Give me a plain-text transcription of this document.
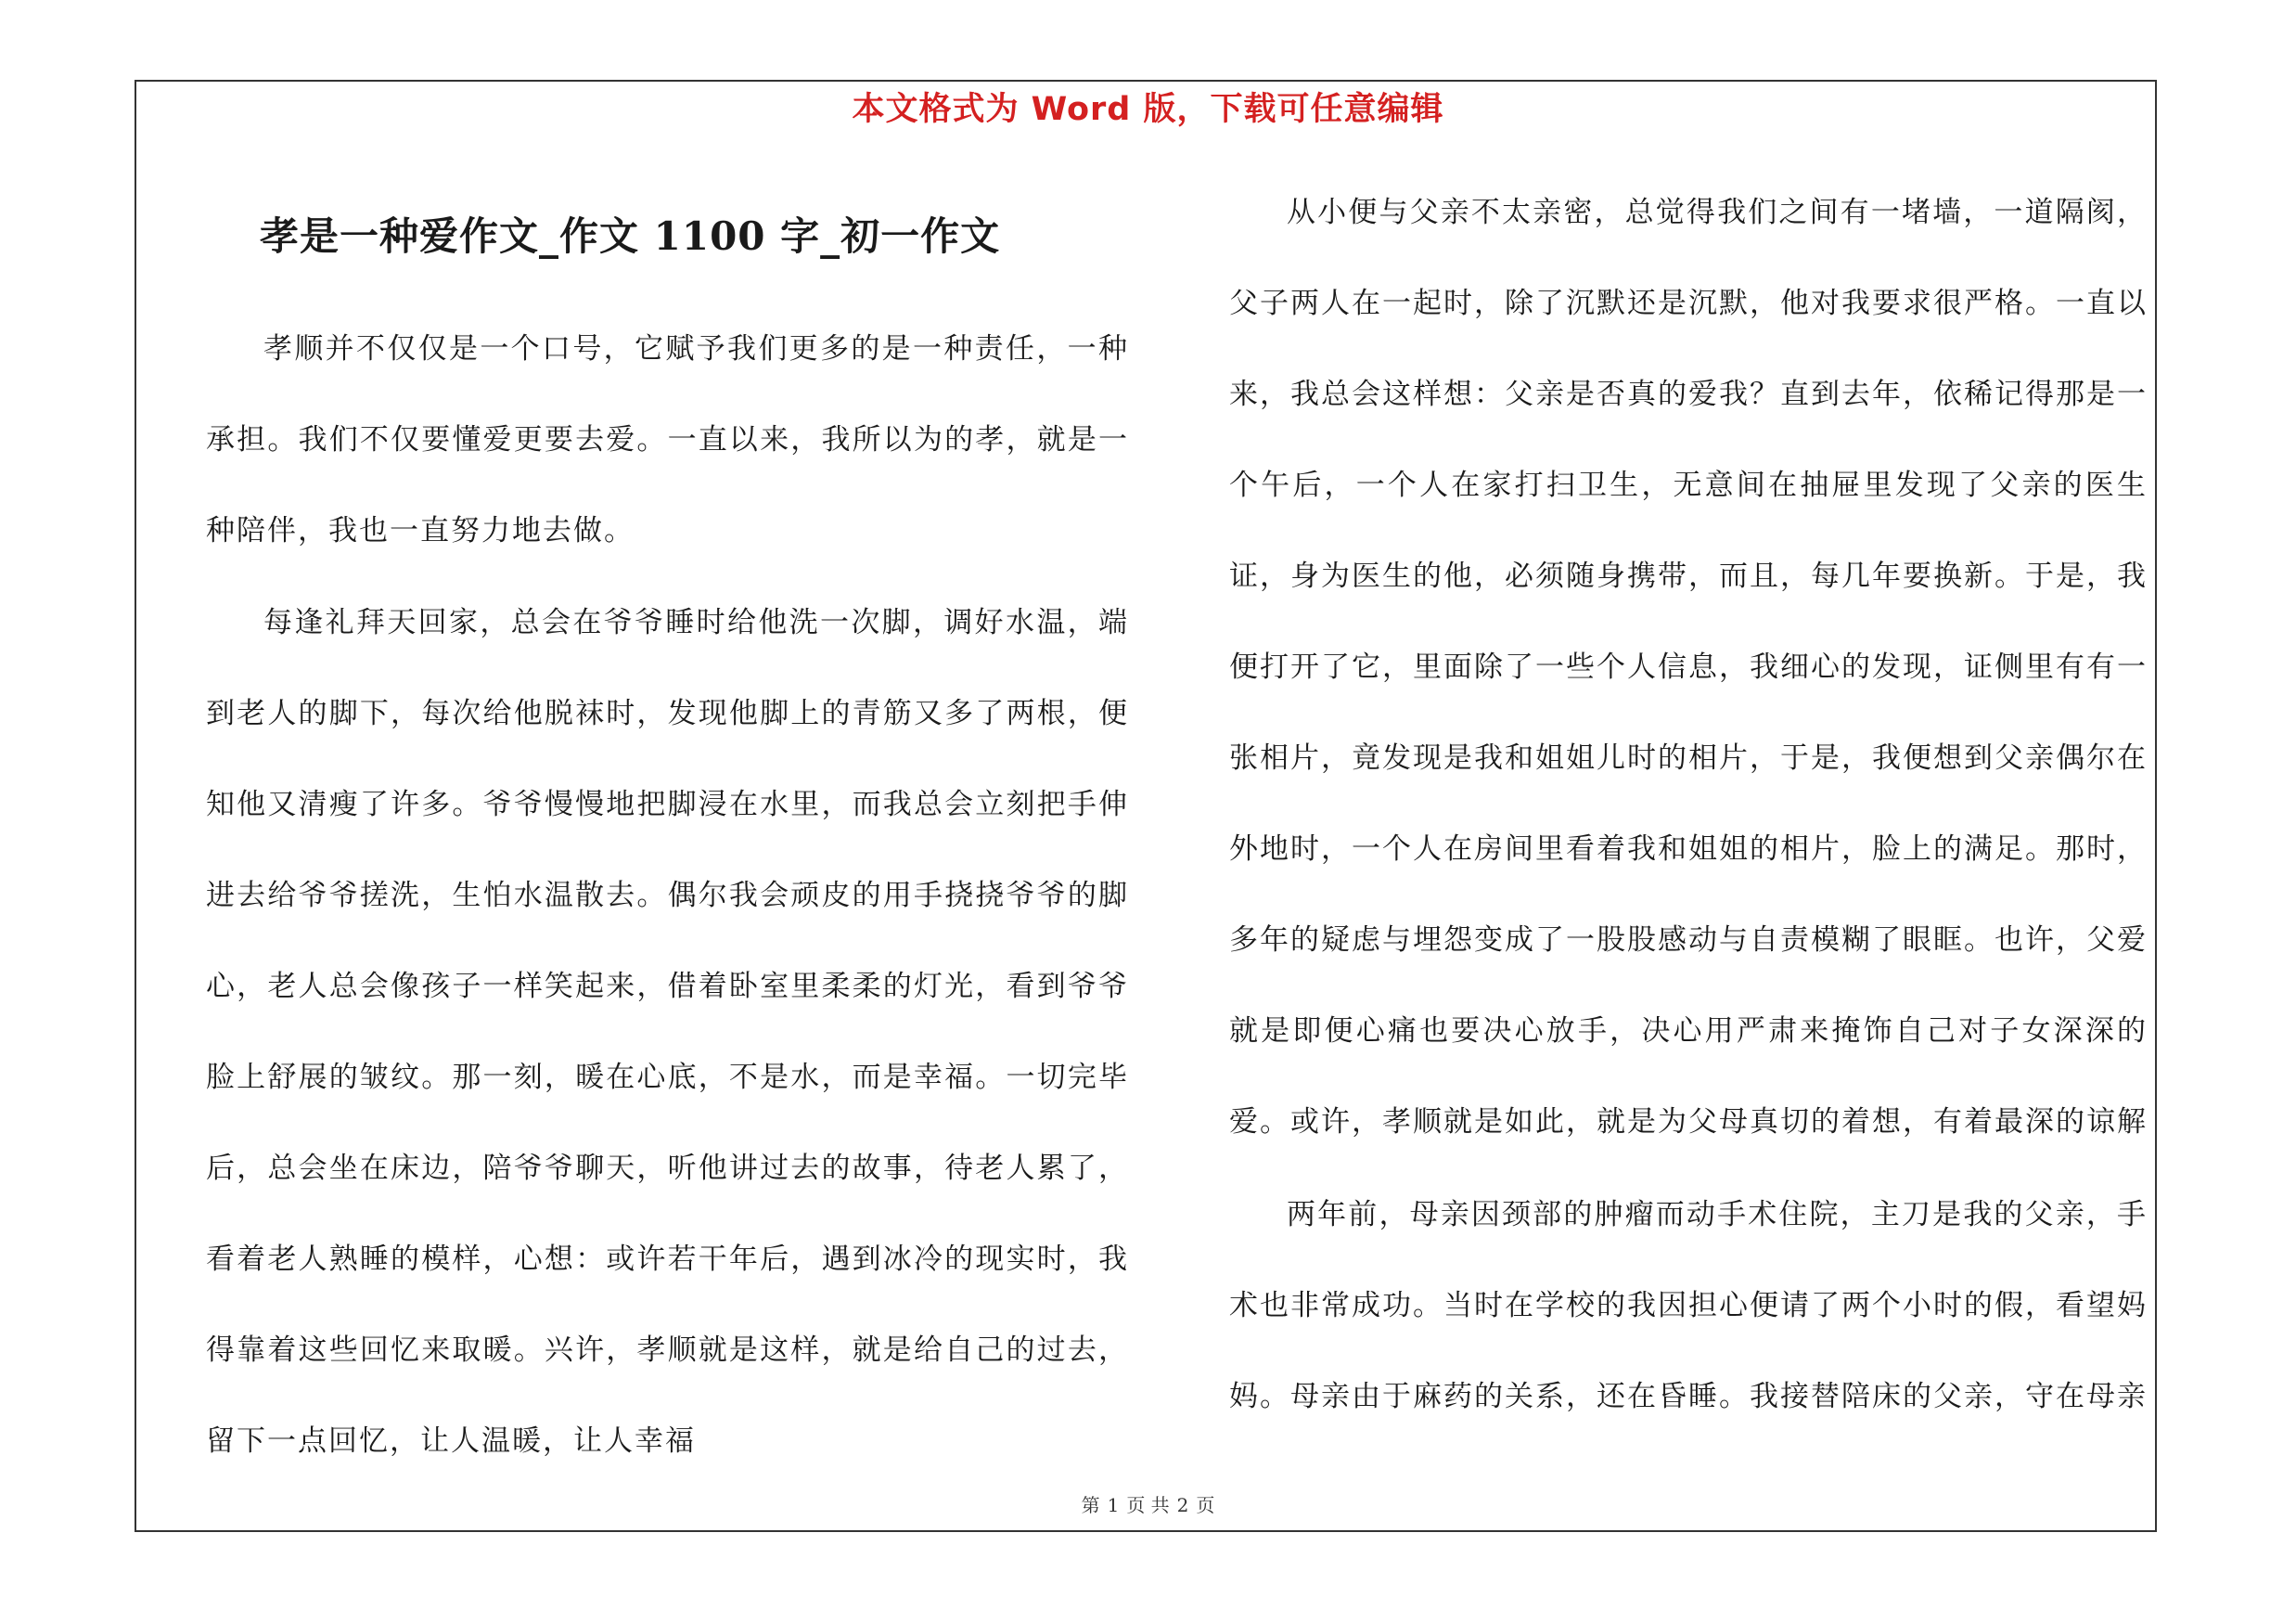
本文格式为 Word 版，下载可任意编辑
孝是一种爱作文_作文 1100 字_初一作文

孝顺并不仅仅是一个口号，它赋予我们更多的是一种责任，一种承担。我们不仅要懂爱更要去爱。一直以来，我所以为的孝，就是一种陪伴，我也一直努力地去做。

每逢礼拜天回家，总会在爷爷睡时给他洗一次脚，调好水温，端到老人的脚下，每次给他脱袜时，发现他脚上的青筋又多了两根，便知他又清瘦了许多。爷爷慢慢地把脚浸在水里，而我总会立刻把手伸进去给爷爷搓洗，生怕水温散去。偶尔我会顽皮的用手挠挠爷爷的脚心，老人总会像孩子一样笑起来，借着卧室里柔柔的灯光，看到爷爷脸上舒展的皱纹。那一刻，暖在心底，不是水，而是幸福。一切完毕后，总会坐在床边，陪爷爷聊天，听他讲过去的故事，待老人累了，看着老人熟睡的模样，心想：或许若干年后，遇到冰冷的现实时，我得靠着这些回忆来取暖。兴许，孝顺就是这样，就是给自己的过去，留下一点回忆，让人温暖，让人幸福

从小便与父亲不太亲密，总觉得我们之间有一堵墙，一道隔阂，父子两人在一起时，除了沉默还是沉默，他对我要求很严格。一直以来，我总会这样想：父亲是否真的爱我？直到去年，依稀记得那是一个午后，一个人在家打扫卫生，无意间在抽屉里发现了父亲的医生证，身为医生的他，必须随身携带，而且，每几年要换新。于是，我便打开了它，里面除了一些个人信息，我细心的发现，证侧里有有一张相片，竟发现是我和姐姐儿时的相片，于是，我便想到父亲偶尔在外地时，一个人在房间里看着我和姐姐的相片，脸上的满足。那时，多年的疑虑与埋怨变成了一股股感动与自责模糊了眼眶。也许，父爱就是即便心痛也要决心放手，决心用严肃来掩饰自己对子女深深的爱。或许，孝顺就是如此，就是为父母真切的着想，有着最深的谅解

两年前，母亲因颈部的肿瘤而动手术住院，主刀是我的父亲，手术也非常成功。当时在学校的我因担心便请了两个小时的假，看望妈妈。母亲由于麻药的关系，还在昏睡。我接替陪床的父亲，守在母亲

第 1 页 共 2 页
